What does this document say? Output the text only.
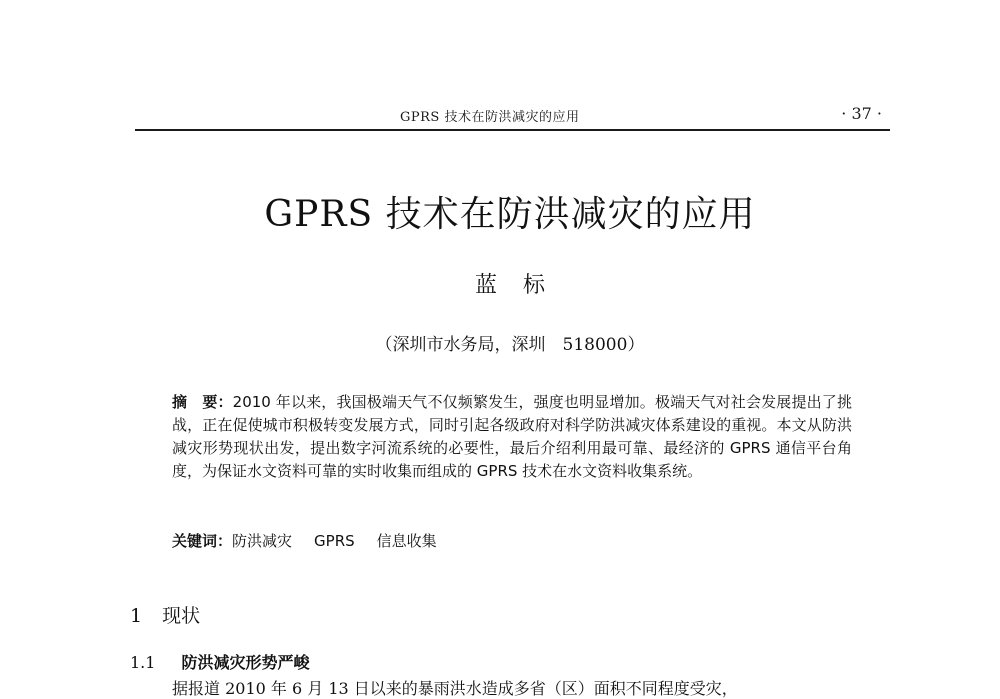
GPRS 技术在防洪减灾的应用	· 37 ·
GPRS 技术在防洪减灾的应用
蓝标
（深圳市水务局，深圳　518000）
摘　要：2010 年以来，我国极端天气不仅频繁发生，强度也明显增加。极端天气对社会发展提出了挑战，正在促使城市积极转变发展方式，同时引起各级政府对科学防洪减灾体系建设的重视。本文从防洪减灾形势现状出发，提出数字河流系统的必要性，最后介绍利用最可靠、最经济的 GPRS 通信平台角度，为保证水文资料可靠的实时收集而组成的 GPRS 技术在水文资料收集系统。
关键词：防洪减灾 GPRS 信息收集
1 现状
1.1 防洪减灾形势严峻
据报道 2010 年 6 月 13 日以来的暴雨洪水造成多省（区）面积不同程度受灾，
